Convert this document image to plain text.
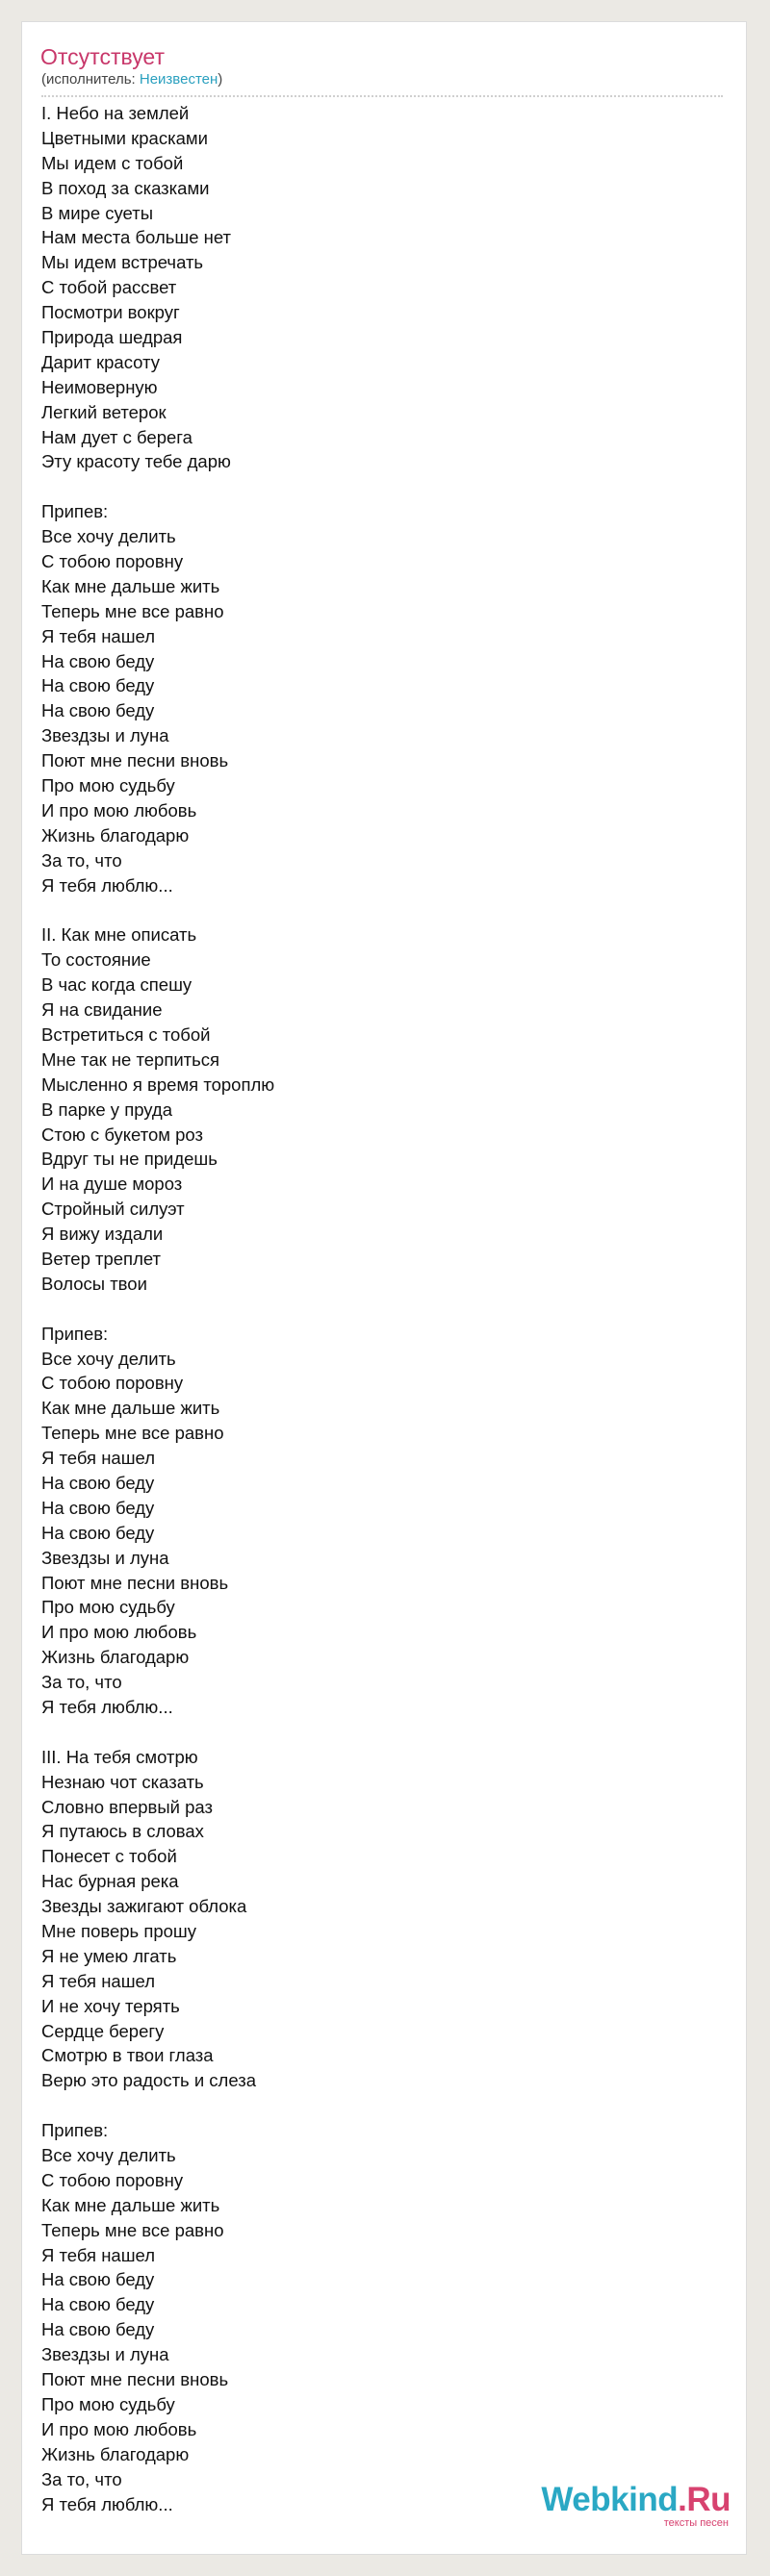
Отсутствует
(исполнитель: Неизвестен)
I. Небо на землей
Цветными красками
Мы идем с тобой
В поход за сказками
В мире суеты
Нам места больше нет
Мы идем встречать
С тобой рассвет
Посмотри вокруг
Природа шедрая
Дарит красоту
Неимоверную
Легкий ветерок
Нам дует с берега
Эту красоту тебе дарю
Припев:
Все хочу делить
С тобою поровну
Как мне дальше жить
Теперь мне все равно
Я тебя нашел
На свою беду
На свою беду
На свою беду
Звездзы и луна
Поют мне песни вновь
Про мою судьбу
И про мою любовь
Жизнь благодарю
За то, что
Я тебя люблю...
II. Как мне описать
То состояние
В час когда спешу
Я на свидание
Встретиться с тобой
Мне так не терпиться
Мысленно я время тороплю
В парке у пруда
Стою с букетом роз
Вдруг ты не придешь
И на душе мороз
Стройный силуэт
Я вижу издали
Ветер треплет
Волосы твои
Припев:
Все хочу делить
С тобою поровну
Как мне дальше жить
Теперь мне все равно
Я тебя нашел
На свою беду
На свою беду
На свою беду
Звездзы и луна
Поют мне песни вновь
Про мою судьбу
И про мою любовь
Жизнь благодарю
За то, что
Я тебя люблю...
III. На тебя смотрю
Незнаю чот сказать
Словно впервый раз
Я путаюсь в словах
Понесет с тобой
Нас бурная река
Звезды зажигают облока
Мне поверь прошу
Я не умею лгать
Я тебя нашел
И не хочу терять
Сердце берегу
Смотрю в твои глаза
Верю это радость и слеза
Припев:
Все хочу делить
С тобою поровну
Как мне дальше жить
Теперь мне все равно
Я тебя нашел
На свою беду
На свою беду
На свою беду
Звездзы и луна
Поют мне песни вновь
Про мою судьбу
И про мою любовь
Жизнь благодарю
За то, что
Я тебя люблю...	Webkind.Ru
тексты песен
